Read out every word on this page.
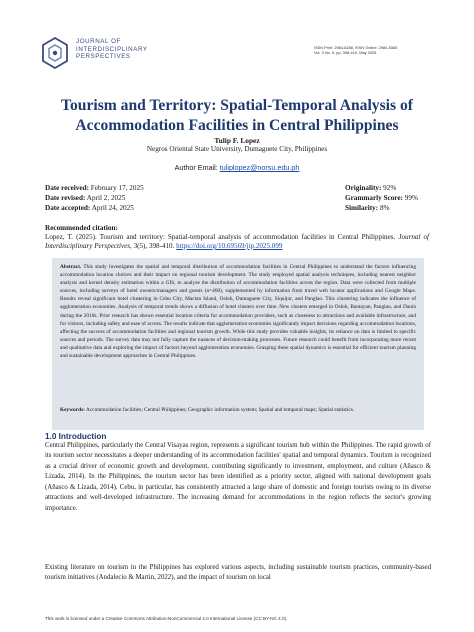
JOURNAL OF
INTERDISCIPLINARY
PERSPECTIVES
ISSN Print: 2984-8288, ISSN Online: 2984-8385
Vol. 3 No. 5, pp. 398-410, May 2025
Tourism and Territory: Spatial-Temporal Analysis of Accommodation Facilities in Central Philippines
Tulip F. Lopez
Negros Oriental State University, Dumaguete City, Philippines
Author Email: tuliplopez@norsu.edu.ph
Date received: February 17, 2025
Date revised: April 2, 2025
Date accepted: April 24, 2025
Originality: 92%
Grammarly Score: 99%
Similarity: 8%
Recommended citation:
Lopez, T. (2025). Tourism and territory: Spatial-temporal analysis of accommodation facilities in Central Philippines. Journal of Interdisciplinary Perspectives, 3(5), 398-410. https://doi.org/10.69569/jip.2025.099
Abstract. This study investigates the spatial and temporal distribution of accommodation facilities in Central Philippines to understand the factors influencing accommodation location choices and their impact on regional tourism development. The study employed spatial analysis techniques, including nearest neighbor analysis and kernel density estimation within a GIS, to analyze the distribution of accommodation facilities across the region. Data were collected from multiple sources, including surveys of hotel owners/managers and guests (n=400), supplemented by information from travel web locator applications and Google Maps. Results reveal significant hotel clustering in Cebu City, Mactan Island, Oslob, Dumaguete City, Siquijor, and Panglao. This clustering indicates the influence of agglomeration economies. Analysis of temporal trends shows a diffusion of hotel clusters over time. New clusters emerged in Oslob, Bantayan, Panglao, and Dauin during the 2010s. Prior research has shown essential location criteria for accommodation providers, such as closeness to attractions and available infrastructure, and for visitors, including safety and ease of access. The results indicate that agglomeration economies significantly impact decisions regarding accommodation locations, affecting the success of accommodation facilities and regional tourism growth. While this study provides valuable insights, its reliance on data is limited to specific sources and periods. The survey data may not fully capture the nuances of decision-making processes. Future research could benefit from incorporating more recent and qualitative data and exploring the impact of factors beyond agglomeration economies. Grasping these spatial dynamics is essential for efficient tourism planning and sustainable development approaches in Central Philippines.
Keywords: Accommodation facilities; Central Philippines; Geographic information system; Spatial and temporal maps; Spatial statistics.
1.0 Introduction
Central Philippines, particularly the Central Visayas region, represents a significant tourism hub within the Philippines. The rapid growth of its tourism sector necessitates a deeper understanding of its accommodation facilities' spatial and temporal dynamics. Tourism is recognized as a crucial driver of economic growth and development, contributing significantly to investment, employment, and culture (Añasco & Lizada, 2014). In the Philippines, the tourism sector has been identified as a priority sector, aligned with national development goals (Añasco & Lizada, 2014). Cebu, in particular, has consistently attracted a large share of domestic and foreign tourists owing to its diverse attractions and well-developed infrastructure. The increasing demand for accommodations in the region reflects the sector's growing importance.
Existing literature on tourism in the Philippines has explored various aspects, including sustainable tourism practices, community-based tourism initiatives (Andalecio & Martin, 2022), and the impact of tourism on local
This work is licensed under a Creative Commons Attribution-NonCommercial 4.0 International License (CC BY-NC 4.0).
